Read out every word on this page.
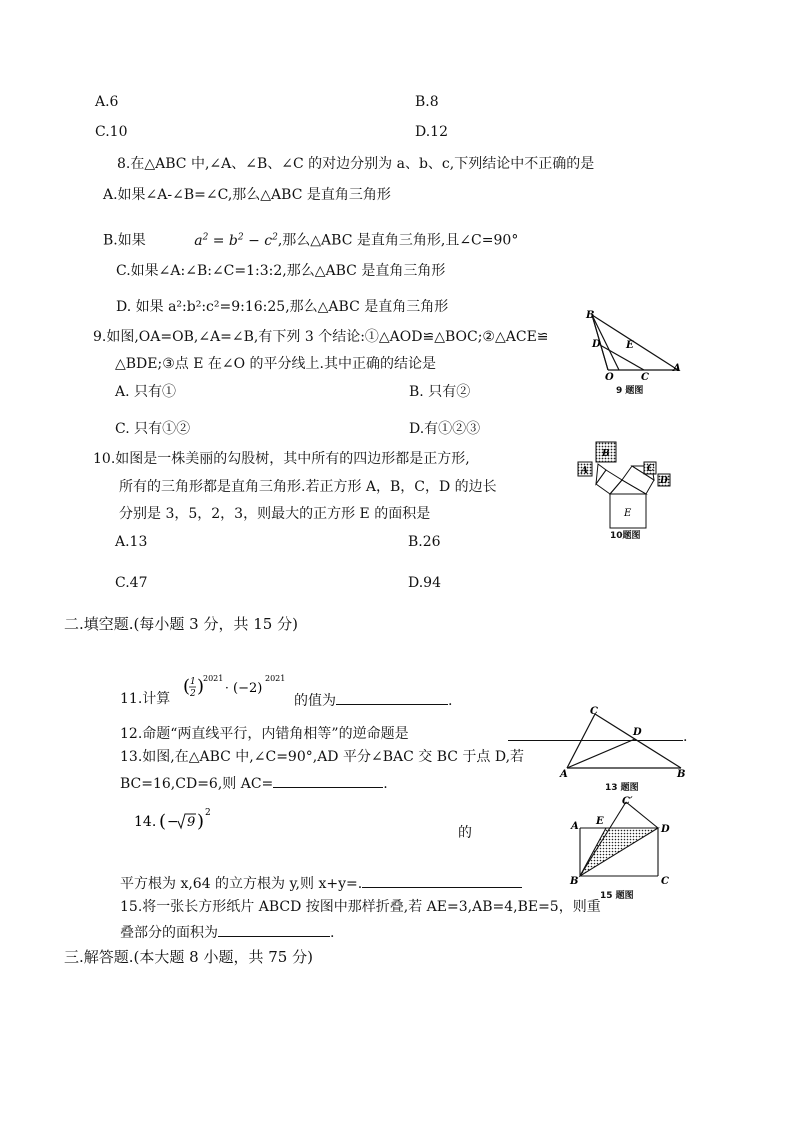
A.6	B.8
C.10	D.12
8.在△ABC 中,∠A、∠B、∠C 的对边分别为 a、b、c,下列结论中不正确的是
A.如果∠A-∠B=∠C,那么△ABC 是直角三角形
B.如果	$a^2 = b^2 - c^2$,那么△ABC 是直角三角形,且∠C=90°
C.如果∠A:∠B:∠C=1:3:2,那么△ABC 是直角三角形
D. 如果 a²:b²:c²=9:16:25,那么△ABC 是直角三角形
9.如图,OA=OB,∠A=∠B,有下列 3 个结论:①△AOD≌△BOC;②△ACE≌
△BDE;③点 E 在∠O 的平分线上.其中正确的结论是
A. 只有①	B. 只有②
C. 只有①②	D.有①②③
B
D	E
O	C
A
9 题图
10.如图是一株美丽的勾股树，其中所有的四边形都是正方形,
所有的三角形都是直角三角形.若正方形 A，B，C，D 的边长
分别是 3，5，2，3，则最大的正方形 E 的面积是
A.13	B.26
C.47	D.94
B
A	C
D
E
10题图
二.填空题.(每小题 3 分，共 15 分)
11.计算
( 1
2 )
2021
· (−2)
2021
的值为	.
12.命题“两直线平行，内错角相等”的逆命题是	.
13.如图,在△ABC 中,∠C=90°,AD 平分∠BAC 交 BC 于点 D,若
BC=16,CD=6,则 AC=	.
C
D
A	B
13 题图
14. ( − 9 ) 2
的
平方根为 x,64 的立方根为 y,则 x+y=.
A E
C′
D
B	C
15 题图
15.将一张长方形纸片 ABCD 按图中那样折叠,若 AE=3,AB=4,BE=5，则重
叠部分的面积为	.
三.解答题.(本大题 8 小题，共 75 分)
